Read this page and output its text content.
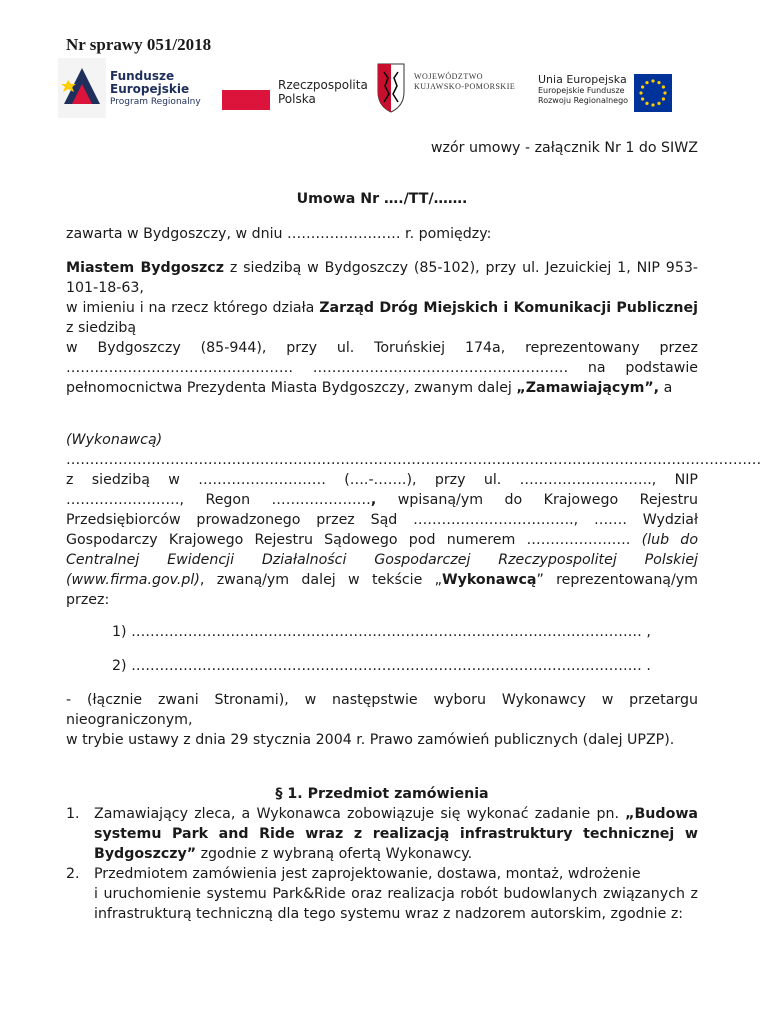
Nr sprawy 051/2018
Fundusze
Europejskie
Program Regionalny
Rzeczpospolita
Polska
WOJEWÓDZTWO
KUJAWSKO-POMORSKIE
Unia Europejska
Europejskie Fundusze
Rozwoju Regionalnego
wzór umowy - załącznik Nr 1 do SIWZ
Umowa Nr …./TT/…….
zawarta w Bydgoszczy, w dniu …………………… r. pomiędzy:
Miastem Bydgoszcz z siedzibą w Bydgoszczy (85-102), przy ul. Jezuickiej 1, NIP 953-101-18-63,
w imieniu i na rzecz którego działa Zarząd Dróg Miejskich i Komunikacji Publicznej z siedzibą
w Bydgoszczy (85-944), przy ul. Toruńskiej 174a, reprezentowany przez ………………………………………… ……………………………………………… na podstawie pełnomocnictwa Prezydenta Miasta Bydgoszczy, zwanym dalej „Zamawiającym”, a
(Wykonawcą) …………………………………………………………………………………………………………………………………
z siedzibą w ……………………… (….-…….), przy ul. ………………………., NIP ……………………, Regon …………………, wpisaną/ym do Krajowego Rejestru Przedsiębiorców prowadzonego przez Sąd ……………………………., ……. Wydział Gospodarczy Krajowego Rejestru Sądowego pod numerem …………………. (lub do Centralnej Ewidencji Działalności Gospodarczej Rzeczypospolitej Polskiej (www.firma.gov.pl), zwaną/ym dalej w tekście „Wykonawcą” reprezentowaną/ym przez:
1) ……………………………………………………………………………………………… ,
2) ……………………………………………………………………………………………… .
- (łącznie zwani Stronami), w następstwie wyboru Wykonawcy w przetargu nieograniczonym,
w trybie ustawy z dnia 29 stycznia 2004 r. Prawo zamówień publicznych (dalej UPZP).
§ 1. Przedmiot zamówienia
1.	Zamawiający zleca, a Wykonawca zobowiązuje się wykonać zadanie pn. „Budowa systemu Park and Ride wraz z realizacją infrastruktury technicznej w Bydgoszczy” zgodnie z wybraną ofertą Wykonawcy.
2.	Przedmiotem zamówienia jest zaprojektowanie, dostawa, montaż, wdrożenie
i uruchomienie systemu Park&Ride oraz realizacja robót budowlanych związanych z infrastrukturą techniczną dla tego systemu wraz z nadzorem autorskim, zgodnie z:
